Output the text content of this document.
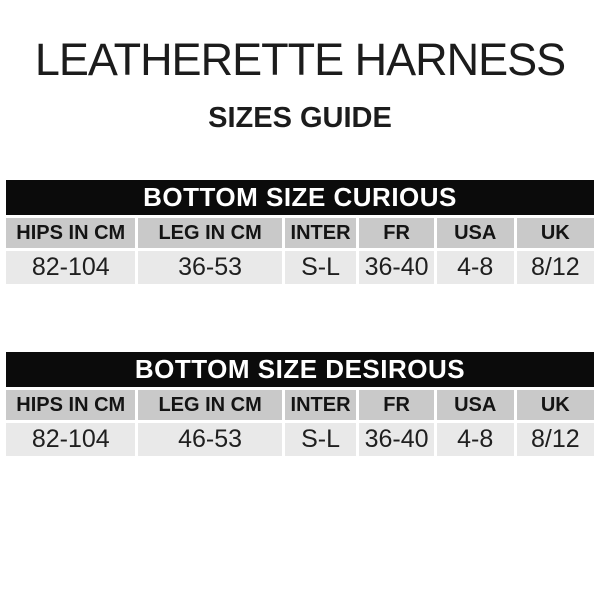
LEATHERETTE HARNESS
SIZES GUIDE
BOTTOM SIZE CURIOUS					
HIPS IN CM	LEG IN CM	INTER	FR	USA	UK
82-104	36-53	S-L	36-40	4-8	8/12
BOTTOM SIZE DESIROUS					
HIPS IN CM	LEG IN CM	INTER	FR	USA	UK
82-104	46-53	S-L	36-40	4-8	8/12
